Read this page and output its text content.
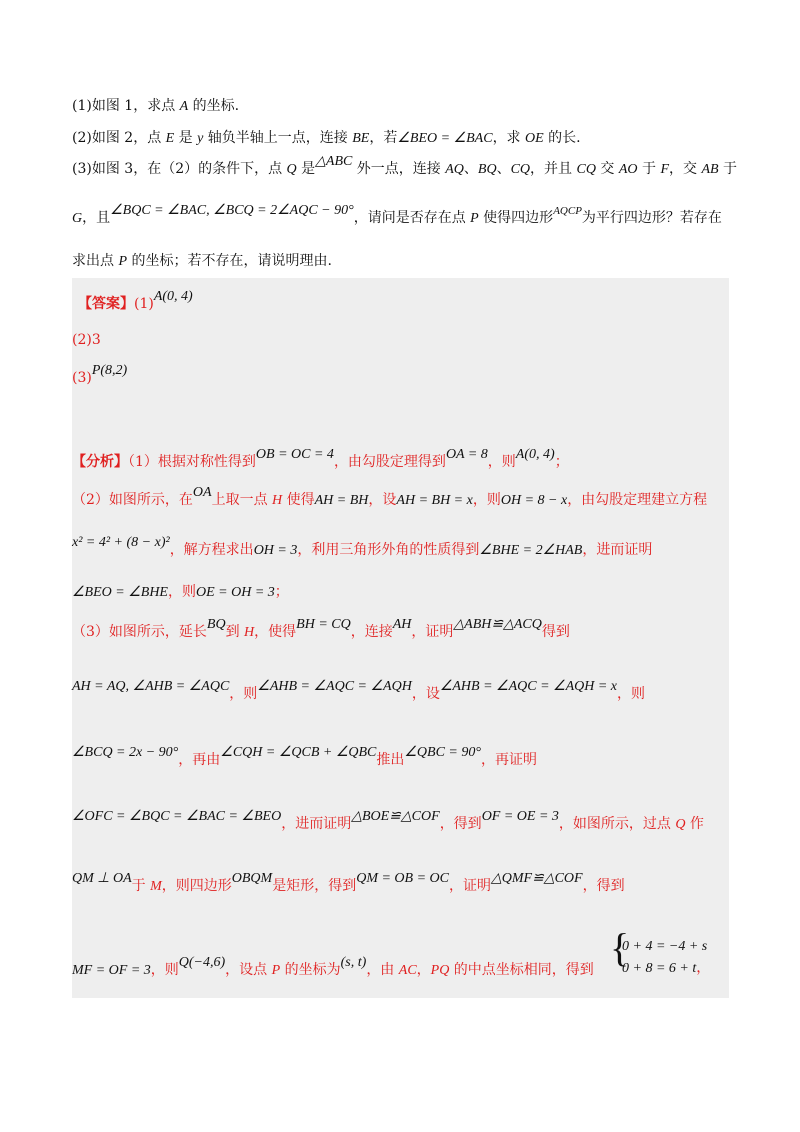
(1)如图 1，求点 A 的坐标.
(2)如图 2，点 E 是 y 轴负半轴上一点，连接 BE，若∠BEO = ∠BAC，求 OE 的长.
(3)如图 3，在（2）的条件下，点 Q 是△ABC 外一点，连接 AQ、BQ、CQ，并且 CQ 交 AO 于 F，交 AB 于
G，且∠BQC = ∠BAC, ∠BCQ = 2∠AQC − 90°，请问是否存在点 P 使得四边形$^{AQCP}$为平行四边形？若存在
求出点 P 的坐标；若不存在，请说明理由.
【答案】(1)A(0, 4)
(2)3
(3)P(8,2)
【分析】（1）根据对称性得到OB = OC = 4，由勾股定理得到OA = 8，则A(0, 4)；
（2）如图所示，在OA上取一点 H 使得AH = BH，设AH = BH = x，则OH = 8 − x，由勾股定理建立方程
x² = 4² + (8 − x)²，解方程求出OH = 3，利用三角形外角的性质得到∠BHE = 2∠HAB，进而证明
∠BEO = ∠BHE，则OE = OH = 3；
（3）如图所示，延长BQ到 H，使得BH = CQ，连接AH，证明△ABH≌△ACQ得到
AH = AQ, ∠AHB = ∠AQC，则∠AHB = ∠AQC = ∠AQH，设∠AHB = ∠AQC = ∠AQH = x，则
∠BCQ = 2x − 90°，再由∠CQH = ∠QCB + ∠QBC推出∠QBC = 90°，再证明
∠OFC = ∠BQC = ∠BAC = ∠BEO，进而证明△BOE≌△COF，得到OF = OE = 3，如图所示，过点 Q 作
QM ⊥ OA于 M，则四边形OBQM是矩形，得到QM = OB = OC，证明△QMF≌△COF，得到
MF = OF = 3，则Q(−4,6)，设点 P 的坐标为(s, t)，由 AC，PQ 的中点坐标相同，得到 {
0 + 4 = −4 + s
0 + 8 = 6 + t，
